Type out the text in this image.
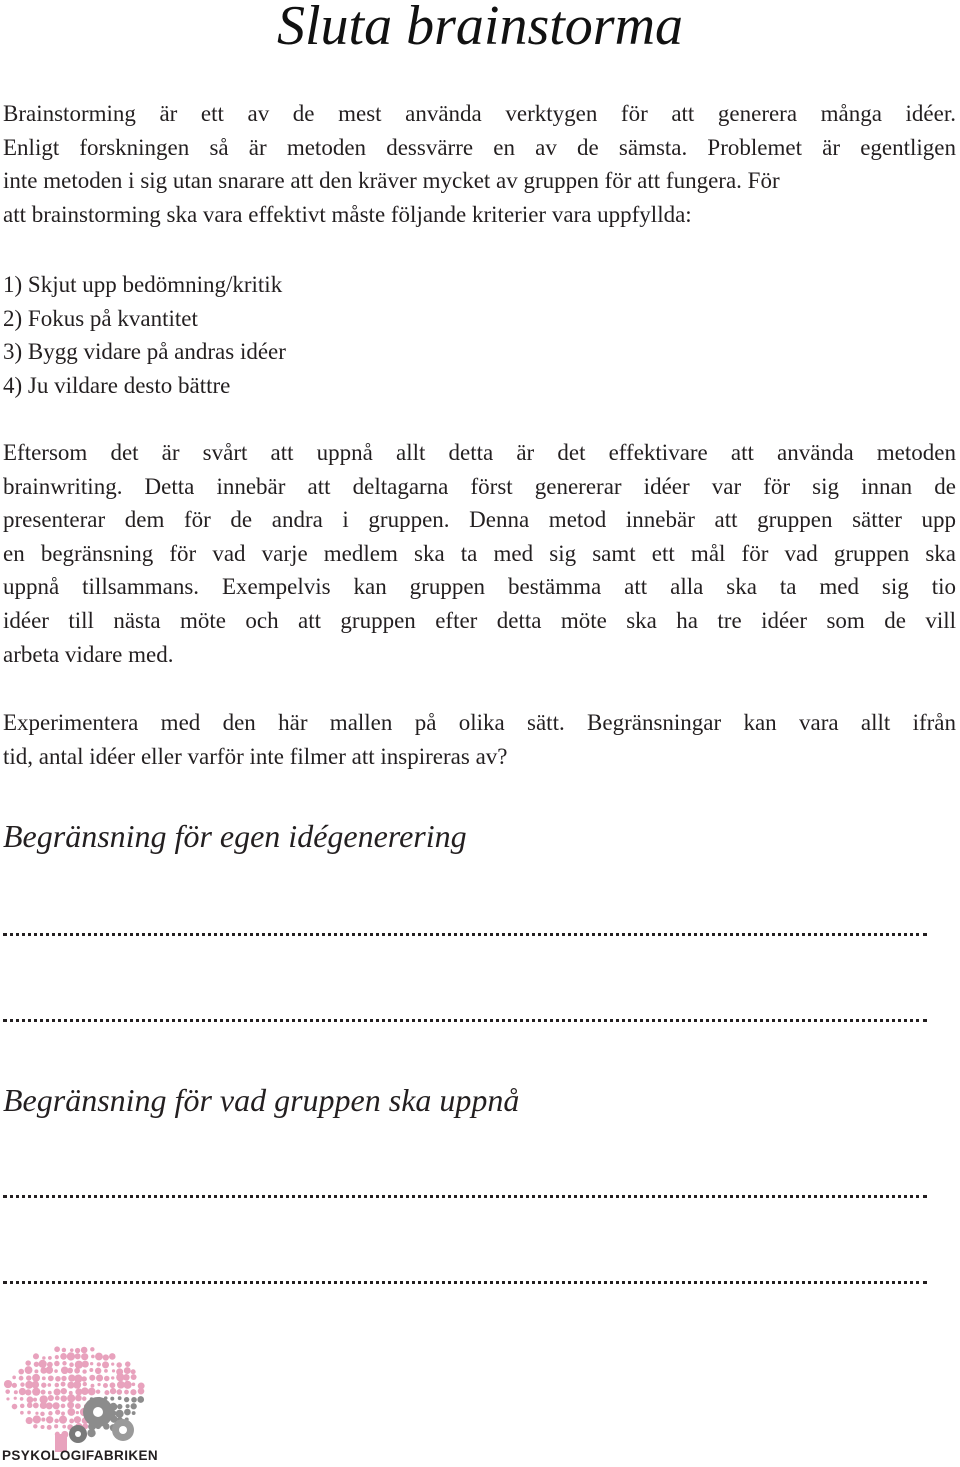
Sluta brainstorma
Brainstorming är ett av de mest använda verktygen för att generera många idéer.
Enligt forskningen så är metoden dessvärre en av de sämsta. Problemet är egentligen
inte metoden i sig utan snarare att den kräver mycket av gruppen för att fungera. För
att brainstorming ska vara effektivt måste följande kriterier vara uppfyllda:
1) Skjut upp bedömning/kritik
2) Fokus på kvantitet
3) Bygg vidare på andras idéer
4) Ju vildare desto bättre
Eftersom det är svårt att uppnå allt detta är det effektivare att använda metoden
brainwriting. Detta innebär att deltagarna först genererar idéer var för sig innan de
presenterar dem för de andra i gruppen. Denna metod innebär att gruppen sätter upp
en begränsning för vad varje medlem ska ta med sig samt ett mål för vad gruppen ska
uppnå tillsammans. Exempelvis kan gruppen bestämma att alla ska ta med sig tio
idéer till nästa möte och att gruppen efter detta möte ska ha tre idéer som de vill
arbeta vidare med.
Experimentera med den här mallen på olika sätt. Begränsningar kan vara allt ifrån
tid, antal idéer eller varför inte filmer att inspireras av?
Begränsning för egen idégenerering
Begränsning för vad gruppen ska uppnå
PSYKOLOGIFABRIKEN
